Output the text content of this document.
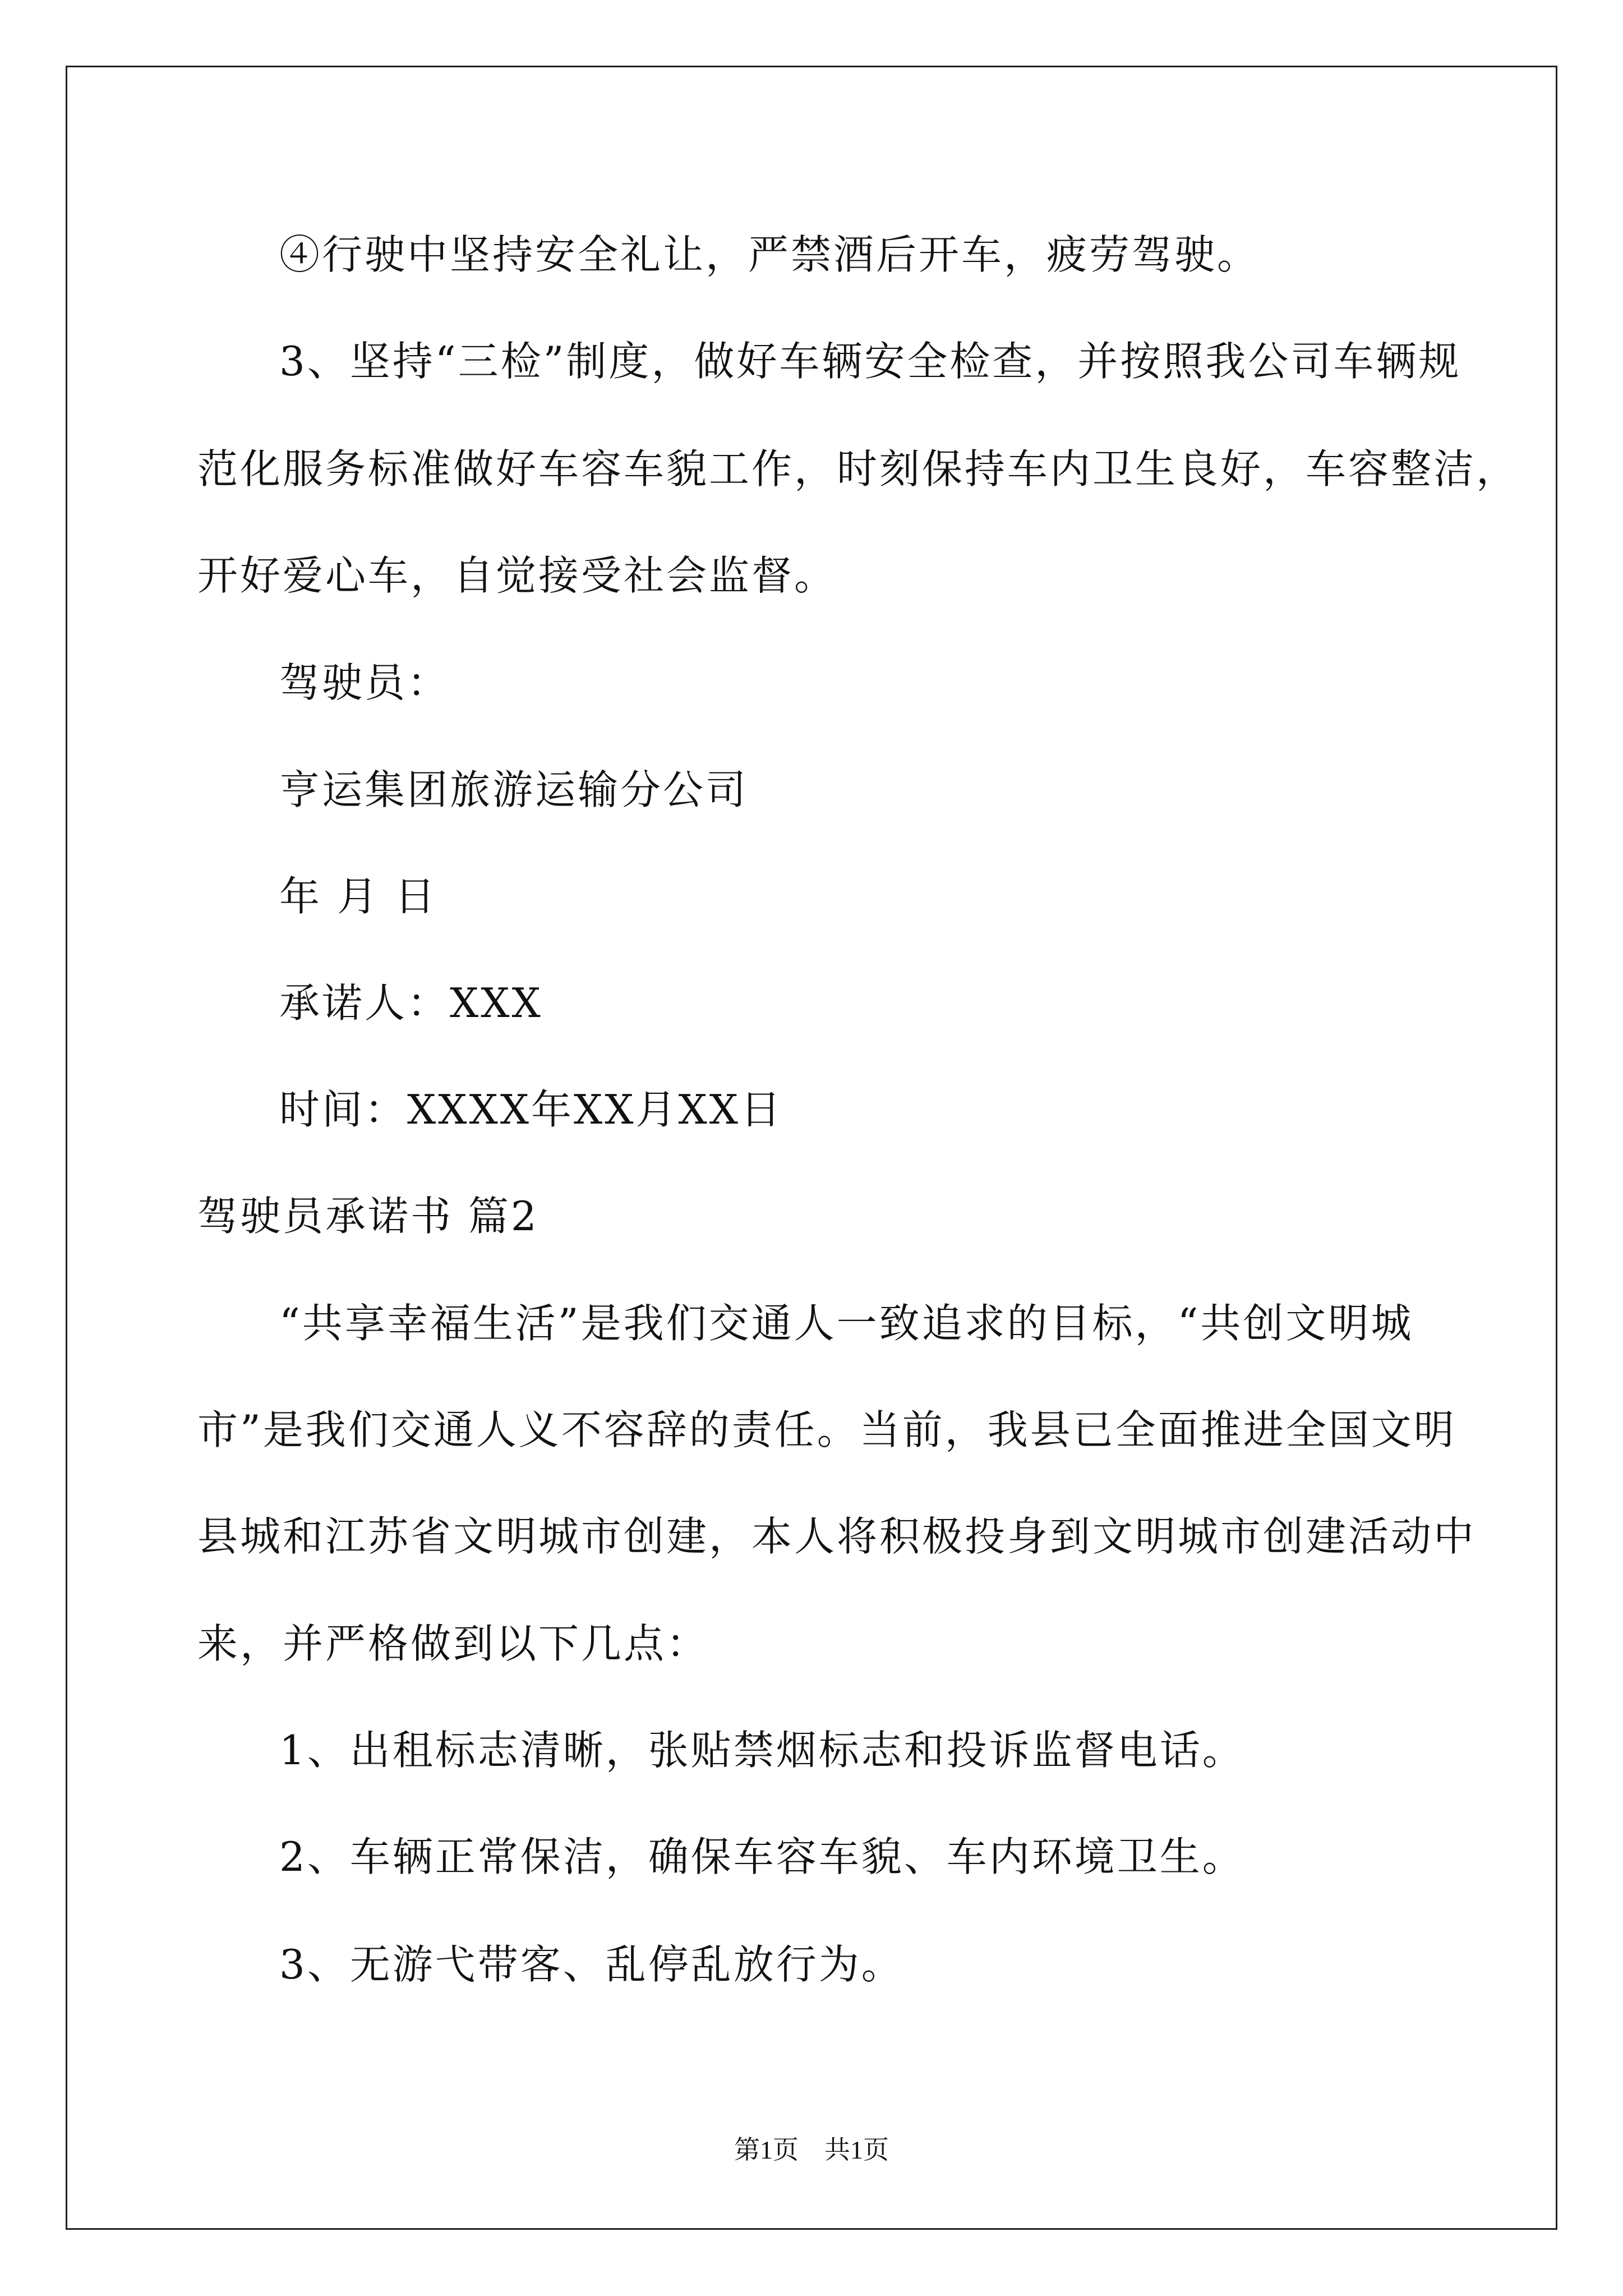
④行驶中坚持安全礼让，严禁酒后开车，疲劳驾驶。
3、坚持“三检”制度，做好车辆安全检查，并按照我公司车辆规
范化服务标准做好车容车貌工作，时刻保持车内卫生良好，车容整洁，
开好爱心车，自觉接受社会监督。
驾驶员：
亨运集团旅游运输分公司
年 月 日
承诺人：XXX
时间：XXXX年XX月XX日
驾驶员承诺书 篇2
“共享幸福生活”是我们交通人一致追求的目标，“共创文明城
市”是我们交通人义不容辞的责任。当前，我县已全面推进全国文明
县城和江苏省文明城市创建，本人将积极投身到文明城市创建活动中
来，并严格做到以下几点：
1、出租标志清晰，张贴禁烟标志和投诉监督电话。
2、车辆正常保洁，确保车容车貌、车内环境卫生。
3、无游弋带客、乱停乱放行为。
第1页　共1页
